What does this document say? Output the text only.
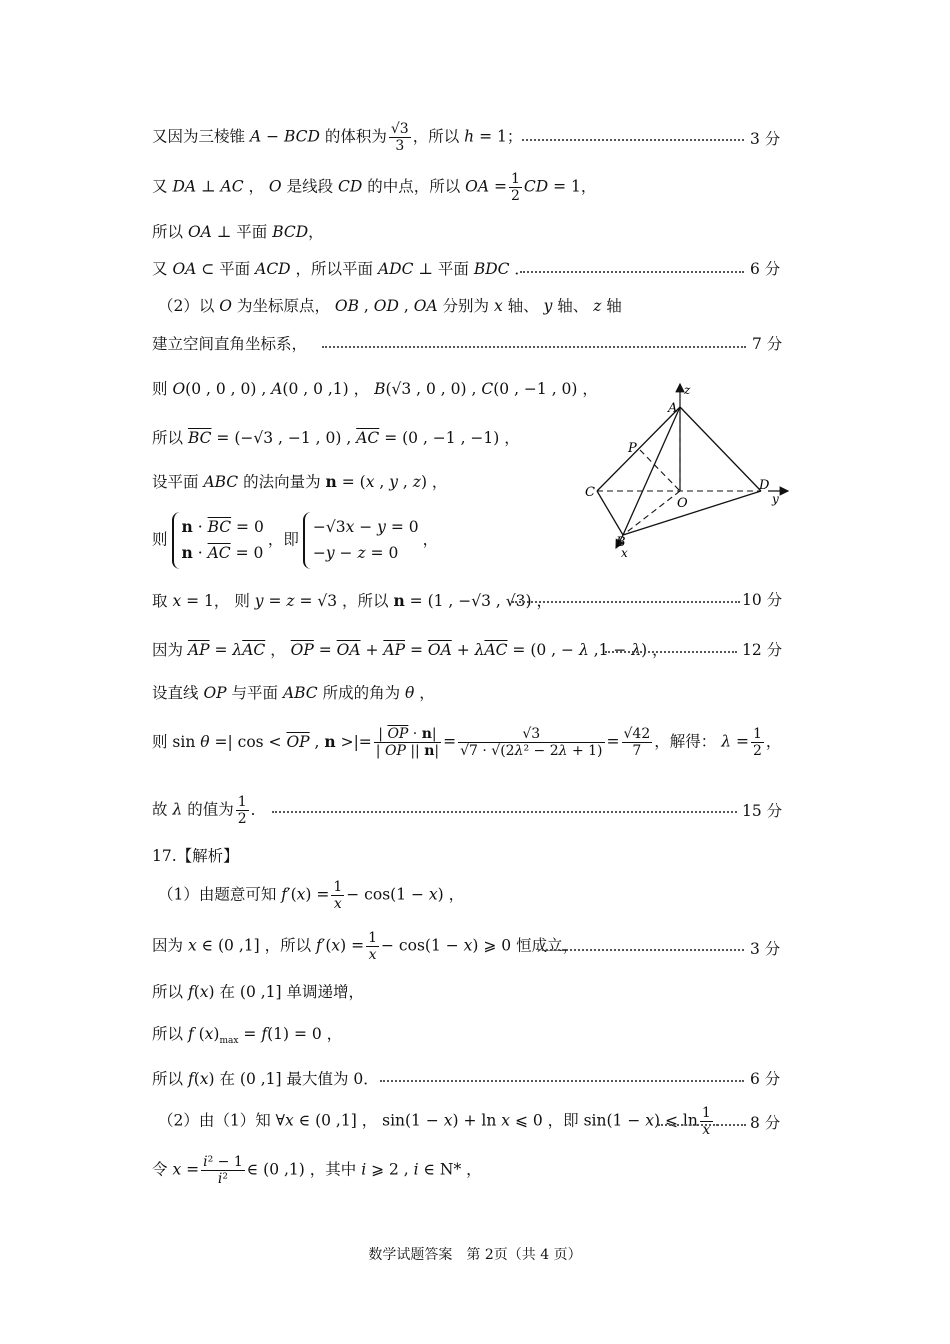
又因为三棱锥 A − BCD 的体积为 $\frac{√3}{3}$ ，所以 h = 1；	3 分
又 DA ⊥ AC ， O 是线段 CD 的中点，所以 OA = $\frac{1}{2}$ CD = 1，
所以 OA ⊥ 平面 BCD，
又 OA ⊂ 平面 ACD ，所以平面 ADC ⊥ 平面 BDC ．	6 分
（2）以 O 为坐标原点， OB , OD , OA 分别为 x 轴、 y 轴、 z 轴
建立空间直角坐标系，	7 分
则 O(0 , 0 , 0) , A(0 , 0 ,1) ， B(√3 , 0 , 0) , C(0 , −1 , 0) ，
所以 $\overline{BC} = (-√3$ , −1 , 0) , $\overline{AC} = (0$ , −1 , −1) ，
设平面 ABC 的法向量为 n = (x , y , z) ，
则
$n \cdot \overline{BC} = 0$
$n \cdot \overline{AC} = 0$
，即
−√3x − y = 0
−y − z = 0
，
z
y
x
A
B
C	D
O
P
取 x = 1， 则 y = z = √3 ，所以 n = (1 , −√3 , √3) ，	10 分
因为 $\overline{AP} = \lambda\overline{AC}$ ， $\overline{OP} = \overline{OA} + \overline{AP} = \overline{OA} + \lambda\overline{AC} = (0$ , − λ ,1 − λ) ，	12 分
设直线 OP 与平面 ABC 所成的角为 θ ，
则 sin θ =| $\cos < \overline{OP}$ , n >|= $\frac{| \overline{OP} \cdot n|}{| \overline{OP} || n|} = \frac{√3}{\text{√7 · √(2λ² − 2λ + 1)}} = \frac{√42}{7}$ ，解得： $\lambda = \frac{1}{2}$ ，
故 λ 的值为 $\frac{1}{2}$ ．	15 分
17.【解析】
（1）由题意可知 $f'(x) = \frac{1}{x} - \cos(1 - x)$ ，
因为 x ∈ (0 ,1] ，所以 $f'(x) = \frac{1}{x} - \cos(1 - x)$ ⩾ 0 恒成立，	3 分
所以 f(x) 在 (0 ,1] 单调递增，
所以 f $(x)_{max} = f(1) = 0$ ，
所以 f(x) 在 (0 ,1] 最大值为 0．	6 分
（2）由（1）知 ∀x ∈ (0 ,1] ， sin(1 − x) + ln x ⩽ 0 ，即 sin(1 − x) ⩽ $\ln \frac{1}{x}$ ． 8 分
令 $x = \frac{\text{i² − 1}}{\text{i²}}$ ∈ (0 ,1) ，其中 i ⩾ 2 , i ∈ N* ，
数学试题答案　第 2页（共 4 页）
